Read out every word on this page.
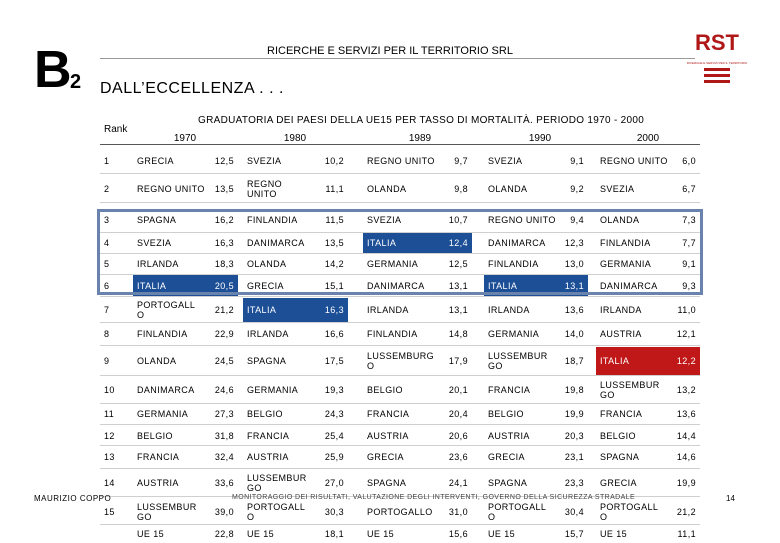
B 2
RICERCHE E SERVIZI PER IL TERRITORIO SRL
DALL’ECCELLENZA . . .
RST
RICERCHE E SERVIZI PER IL TERRITORIO
GRADUATORIA DEI PAESI DELLA UE15 PER TASSO DI MORTALITÀ. PERIODO 1970 - 2000
Rank
1970	1980	1989	1990	2000
1	GRECIA	12,5 SVEZIA	10,2	REGNO UNITO	9,7 SVEZIA	9,1 REGNO UNITO	6,0
2	REGNO UNITO	13,5 REGNO UNITO	11,1	OLANDA	9,8 OLANDA	9,2 SVEZIA	6,7
3	SPAGNA	16,2 FINLANDIA	11,5	SVEZIA	10,7 REGNO UNITO	9,4 OLANDA	7,3
4	SVEZIA	16,3 DANIMARCA	13,5	ITALIA	12,4 DANIMARCA	12,3 FINLANDIA	7,7
5	IRLANDA	18,3 OLANDA	14,2	GERMANIA	12,5 FINLANDIA	13,0 GERMANIA	9,1
6	ITALIA	20,5 GRECIA	15,1	DANIMARCA	13,1 ITALIA	13,1 DANIMARCA	9,3
7	PORTOGALL O	21,2 ITALIA	16,3	IRLANDA	13,1 IRLANDA	13,6 IRLANDA	11,0
8	FINLANDIA	22,9 IRLANDA	16,6	FINLANDIA	14,8 GERMANIA	14,0 AUSTRIA	12,1
9	OLANDA	24,5 SPAGNA	17,5	LUSSEMBURG O	17,9 LUSSEMBUR GO	18,7 ITALIA	12,2
10	DANIMARCA	24,6 GERMANIA	19,3	BELGIO	20,1 FRANCIA	19,8 LUSSEMBUR GO	13,2
11	GERMANIA	27,3 BELGIO	24,3	FRANCIA	20,4 BELGIO	19,9 FRANCIA	13,6
12	BELGIO	31,8 FRANCIA	25,4	AUSTRIA	20,6 AUSTRIA	20,3 BELGIO	14,4
13	FRANCIA	32,4 AUSTRIA	25,9	GRECIA	23,6 GRECIA	23,1 SPAGNA	14,6
14	AUSTRIA	33,6 LUSSEMBUR GO	27,0	SPAGNA	24,1 SPAGNA	23,3 GRECIA	19,9
15	LUSSEMBUR GO	39,0 PORTOGALL O	30,3	PORTOGALLO	31,0 PORTOGALL O	30,4 PORTOGALL O	21,2
UE 15	22,8 UE 15	18,1	UE 15	15,6 UE 15	15,7 UE 15	11,1
MAURIZIO COPPO	MONITORAGGIO DEI RISULTATI, VALUTAZIONE DEGLI INTERVENTI, GOVERNO DELLA SICUREZZA STRADALE	14
